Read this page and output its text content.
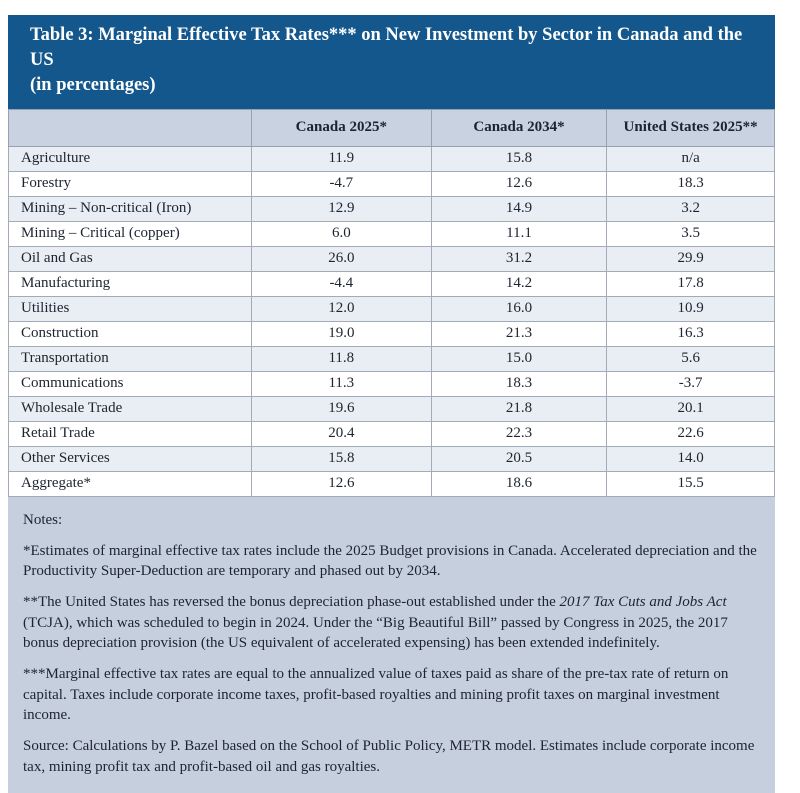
Table 3: Marginal Effective Tax Rates*** on New Investment by Sector in Canada and the US
(in percentages)
	Canada 2025*	Canada 2034*	United States 2025**
Agriculture	11.9	15.8	n/a
Forestry	-4.7	12.6	18.3
Mining – Non-critical (Iron)	12.9	14.9	3.2
Mining – Critical (copper)	6.0	11.1	3.5
Oil and Gas	26.0	31.2	29.9
Manufacturing	-4.4	14.2	17.8
Utilities	12.0	16.0	10.9
Construction	19.0	21.3	16.3
Transportation	11.8	15.0	5.6
Communications	11.3	18.3	-3.7
Wholesale Trade	19.6	21.8	20.1
Retail Trade	20.4	22.3	22.6
Other Services	15.8	20.5	14.0
Aggregate*	12.6	18.6	15.5

Notes:

*Estimates of marginal effective tax rates include the 2025 Budget provisions in Canada. Accelerated depreciation and the Productivity Super-Deduction are temporary and phased out by 2034.

**The United States has reversed the bonus depreciation phase-out established under the 2017 Tax Cuts and Jobs Act (TCJA), which was scheduled to begin in 2024. Under the “Big Beautiful Bill” passed by Congress in 2025, the 2017 bonus depreciation provision (the US equivalent of accelerated expensing) has been extended indefinitely.

***Marginal effective tax rates are equal to the annualized value of taxes paid as share of the pre-tax rate of return on capital. Taxes include corporate income taxes, profit-based royalties and mining profit taxes on marginal investment income.

Source: Calculations by P. Bazel based on the School of Public Policy, METR model. Estimates include corporate income tax, mining profit tax and profit-based oil and gas royalties.
